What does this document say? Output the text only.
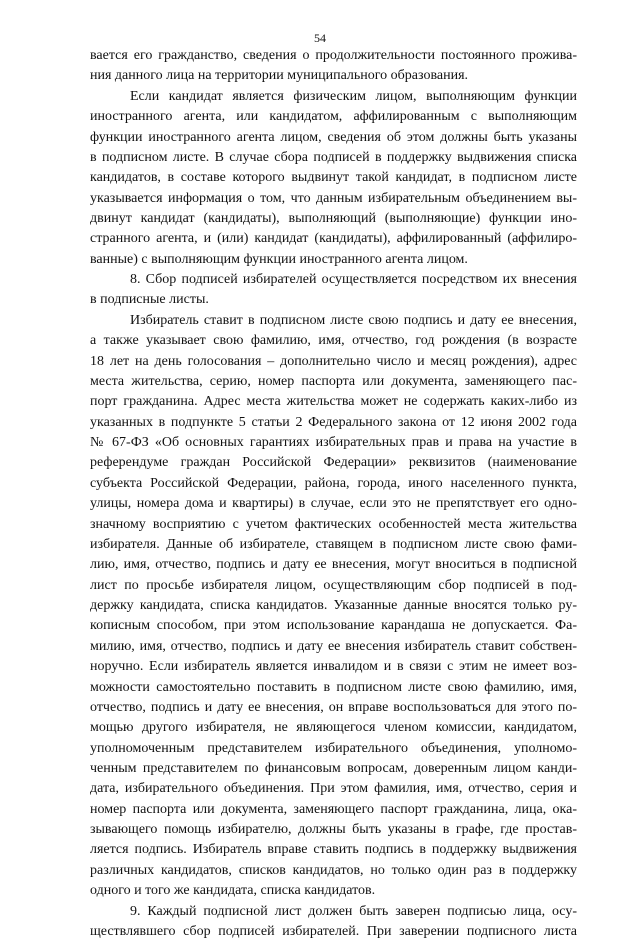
54
вается его гражданство, сведения о продолжительности постоянного прожива-
ния данного лица на территории муниципального образования.
Если кандидат является физическим лицом, выполняющим функции
иностранного агента, или кандидатом, аффилированным с выполняющим
функции иностранного агента лицом, сведения об этом должны быть указаны
в подписном листе. В случае сбора подписей в поддержку выдвижения списка
кандидатов, в составе которого выдвинут такой кандидат, в подписном листе
указывается информация о том, что данным избирательным объединением вы-
двинут кандидат (кандидаты), выполняющий (выполняющие) функции ино-
странного агента, и (или) кандидат (кандидаты), аффилированный (аффилиро-
ванные) с выполняющим функции иностранного агента лицом.
8. Сбор подписей избирателей осуществляется посредством их внесения
в подписные листы.
Избиратель ставит в подписном листе свою подпись и дату ее внесения,
а также указывает свою фамилию, имя, отчество, год рождения (в возрасте
18 лет на день голосования – дополнительно число и месяц рождения), адрес
места жительства, серию, номер паспорта или документа, заменяющего пас-
порт гражданина. Адрес места жительства может не содержать каких-либо из
указанных в подпункте 5 статьи 2 Федерального закона от 12 июня 2002 года
№ 67-ФЗ «Об основных гарантиях избирательных прав и права на участие в
референдуме граждан Российской Федерации» реквизитов (наименование
субъекта Российской Федерации, района, города, иного населенного пункта,
улицы, номера дома и квартиры) в случае, если это не препятствует его одно-
значному восприятию с учетом фактических особенностей места жительства
избирателя. Данные об избирателе, ставящем в подписном листе свою фами-
лию, имя, отчество, подпись и дату ее внесения, могут вноситься в подписной
лист по просьбе избирателя лицом, осуществляющим сбор подписей в под-
держку кандидата, списка кандидатов. Указанные данные вносятся только ру-
кописным способом, при этом использование карандаша не допускается. Фа-
милию, имя, отчество, подпись и дату ее внесения избиратель ставит собствен-
норучно. Если избиратель является инвалидом и в связи с этим не имеет воз-
можности самостоятельно поставить в подписном листе свою фамилию, имя,
отчество, подпись и дату ее внесения, он вправе воспользоваться для этого по-
мощью другого избирателя, не являющегося членом комиссии, кандидатом,
уполномоченным представителем избирательного объединения, уполномо-
ченным представителем по финансовым вопросам, доверенным лицом канди-
дата, избирательного объединения. При этом фамилия, имя, отчество, серия и
номер паспорта или документа, заменяющего паспорт гражданина, лица, ока-
зывающего помощь избирателю, должны быть указаны в графе, где простав-
ляется подпись. Избиратель вправе ставить подпись в поддержку выдвижения
различных кандидатов, списков кандидатов, но только один раз в поддержку
одного и того же кандидата, списка кандидатов.
9. Каждый подписной лист должен быть заверен подписью лица, осу-
ществлявшего сбор подписей избирателей. При заверении подписного листа
